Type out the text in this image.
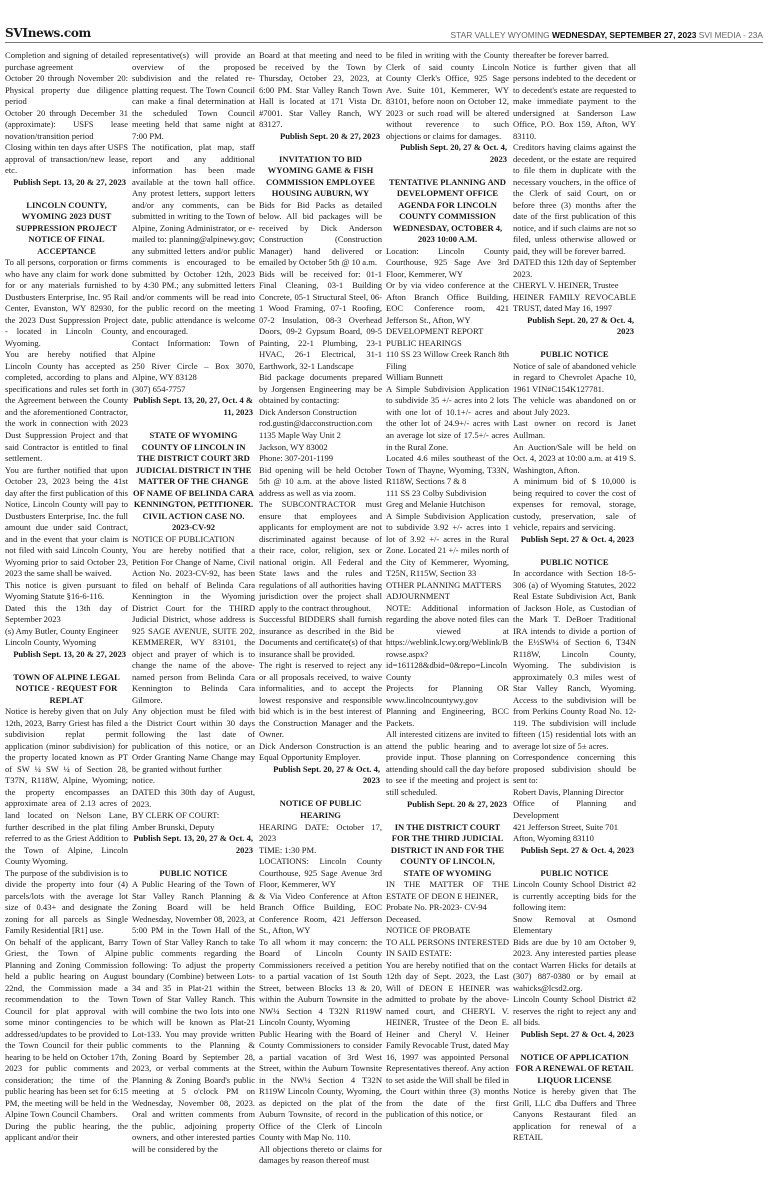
SVInews.com	STAR VALLEY WYOMING WEDNESDAY, SEPTEMBER 27, 2023 SVI MEDIA - 23A

Completion and signing of detailed purchase agreement

October 20 through November 20: Physical property due diligence period

October 20 through December 31 (approximate): USFS lease novation/transition period

Closing within ten days after USFS approval of transaction/new lease, etc.

Publish Sept. 13, 20 & 27, 2023

LINCOLN COUNTY, WYOMING 2023 DUST SUPPRESSION PROJECT NOTICE OF FINAL ACCEPTANCE

To all persons, corporation or firms who have any claim for work done for or any materials furnished to Dustbusters Enterprise, Inc. 95 Rail Center, Evanston, WY 82930, for the 2023 Dust Suppression Project - located in Lincoln County, Wyoming.

You are hereby notified that Lincoln County has accepted as completed, according to plans and specifications and rules set forth in the Agreement between the County and the aforementioned Contractor, the work in connection with 2023 Dust Suppression Project and that said Contractor is entitled to final settlement.

You are further notified that upon October 23, 2023 being the 41st day after the first publication of this Notice, Lincoln County will pay to Dustbusters Enterprise, Inc. the full amount due under said Contract, and in the event that your claim is not filed with said Lincoln County, Wyoming prior to said October 23, 2023 the same shall be waived.

This notice is given pursuant to Wyoming Statute §16-6-116.

Dated this the 13th day of September 2023

(s) Amy Butler, County Engineer

Lincoln County, Wyoming

Publish Sept. 13, 20 & 27, 2023

TOWN OF ALPINE LEGAL NOTICE - REQUEST FOR REPLAT

Notice is hereby given that on July 12th, 2023, Barry Griest has filed a subdivision replat permit application (minor subdivision) for the property located known as PT of SW ¼ SW ¼ of Section 28, T37N, R118W, Alpine, Wyoming; the property encompasses an approximate area of 2.13 acres of land located on Nelson Lane, further described in the plat filing referred to as the Griest Addition to the Town of Alpine, Lincoln County Wyoming.

The purpose of the subdivision is to divide the property into four (4) parcels/lots with the average lot size of 0.43+ and designate the zoning for all parcels as Single Family Residential [R1] use.

On behalf of the applicant, Barry Griest, the Town of Alpine Planning and Zoning Commission held a public hearing on August 22nd, the Commission made a recommendation to the Town Council for plat approval with some minor contingencies to be addressed/updates to be provided to the Town Council for their public hearing to be held on October 17th, 2023 for public comments and consideration; the time of the public hearing has been set for 6:15 PM, the meeting will be held in the Alpine Town Council Chambers.

During the public hearing, the applicant and/or their

representative(s) will provide an overview of the proposed subdivision and the related re-platting request. The Town Council can make a final determination at the scheduled Town Council meeting held that same night at 7:00 PM.

The notification, plat map, staff report and any additional information has been made available at the town hall office. Any protest letters, support letters and/or any comments, can be submitted in writing to the Town of Alpine, Zoning Administrator, or e-mailed to: planning@alpinewy.gov; any submitted letters and/or public comments is encouraged to be submitted by October 12th, 2023 by 4:30 PM.; any submitted letters and/or comments will be read into the public record on the meeting date, public attendance is welcome and encouraged.

Contact Information: Town of Alpine

250 River Circle – Box 3070, Alpine, WY 83128

(307) 654-7757

Publish Sept. 13, 20, 27, Oct. 4 & 11, 2023

STATE OF WYOMING COUNTY OF LINCOLN IN THE DISTRICT COURT 3RD JUDICIAL DISTRICT IN THE MATTER OF THE CHANGE OF NAME OF BELINDA CARA KENNINGTON, PETITIONER. CIVIL ACTION CASE NO. 2023-CV-92

NOTICE OF PUBLICATION

You are hereby notified that a Petition For Change of Name, Civil Action No. 2023-CV-92, has been filed on behalf of Belinda Cara Kennington in the Wyoming District Court for the THIRD Judicial District, whose address is 925 SAGE AVENUE, SUITE 202, KEMMERER, WY 83101, the object and prayer of which is to change the name of the above-named person from Belinda Cara Kennington to Belinda Cara Gilmore.

Any objection must be filed with the District Court within 30 days following the last date of publication of this notice, or an Order Granting Name Change may be granted without further

notice.

DATED this 30th day of August, 2023.

BY CLERK OF COURT:

Amber Brunski, Deputy

Publish Sept. 13, 20, 27 & Oct. 4, 2023

PUBLIC NOTICE

A Public Hearing of the Town of Star Valley Ranch Planning & Zoning Board will be held Wednesday, November 08, 2023, at 5:00 PM in the Town Hall of the Town of Star Valley Ranch to take public comments regarding the following: To adjust the property boundary (Combine) between Lots- 34 and 35 in Plat-21 within the Town of Star Valley Ranch. This will combine the two lots into one which will be known as Plat-21 Lot-133. You may provide written comments to the Planning & Zoning Board by September 28, 2023, or verbal comments at the Planning & Zoning Board's public meeting at 5 o'clock PM on Wednesday, November 08, 2023. Oral and written comments from the public, adjoining property owners, and other interested parties will be considered by the

Board at that meeting and need to be received by the Town by Thursday, October 23, 2023, at 6:00 PM. Star Valley Ranch Town Hall is located at 171 Vista Dr. #7001. Star Valley Ranch, WY 83127.

Publish Sept. 20 & 27, 2023

INVITATION TO BID WYOMING GAME & FISH COMMISSION EMPLOYEE HOUSING AUBURN, WY

Bids for Bid Packs as detailed below. All bid packages will be received by Dick Anderson Construction (Construction Manager) hand delivered or emailed by October 5th @ 10 a.m.

Bids will be received for: 01-1 Final Cleaning, 03-1 Building Concrete, 05-1 Structural Steel, 06-1 Wood Framing, 07-1 Roofing, 07-2 Insulation, 08-3 Overhead Doors, 09-2 Gypsum Board, 09-5 Painting, 22-1 Plumbing, 23-1 HVAC, 26-1 Electrical, 31-1 Earthwork, 32-1 Landscape

Bid package documents prepared by Jorgensen Engineering may be obtained by contacting:

Dick Anderson Construction

rod.gustin@dacconstruction.com

1135 Maple Way Unit 2

Jackson, WY 83002

Phone: 307-201-1199

Bid opening will be held October 5th @ 10 a.m. at the above listed address as well as via zoom.

The SUBCONTRACTOR must ensure that employees and applicants for employment are not discriminated against because of their race, color, religion, sex or national origin. All Federal and State laws and the rules and regulations of all authorities having jurisdiction over the project shall apply to the contract throughout.

Successful BIDDERS shall furnish insurance as described in the Bid Documents and certificate(s) of that insurance shall be provided.

The right is reserved to reject any or all proposals received, to waive informalities, and to accept the lowest responsive and responsible bid which is in the best interest of the Construction Manager and the Owner.

Dick Anderson Construction is an Equal Opportunity Employer.

Publish Sept. 20, 27 & Oct. 4, 2023

NOTICE OF PUBLIC HEARING

HEARING DATE: October 17, 2023

TIME: 1:30 PM.

LOCATIONS: Lincoln County Courthouse, 925 Sage Avenue 3rd Floor, Kemmerer, WY

& Via Video Conference at Afton Branch Office Building, EOC Conference Room, 421 Jefferson St., Afton, WY

To all whom it may concern: the Board of Lincoln County Commissioners received a petition to a partial vacation of 1st South Street, between Blocks 13 & 20, within the Auburn Townsite in the NW¼ Section 4 T32N R119W Lincoln County, Wyoming

Public Hearing with the Board of County Commissioners to consider a partial vacation of 3rd West Street, within the Auburn Townsite in the NW¼ Section 4 T32N R119W Lincoln County, Wyoming, as depicted on the plat of the Auburn Townsite, of record in the Office of the Clerk of Lincoln County with Map No. 110.

All objections thereto or claims for damages by reason thereof must

be filed in writing with the County Clerk of said county Lincoln County Clerk's Office, 925 Sage Ave. Suite 101, Kemmerer, WY 83101, before noon on October 12, 2023 or such road will be altered without reverence to such objections or claims for damages.

Publish Sept. 20, 27 & Oct. 4, 2023

TENTATIVE PLANNING AND DEVELOPMENT OFFICE AGENDA FOR LINCOLN COUNTY COMMISSION WEDNESDAY, OCTOBER 4, 2023 10:00 A.M.

Location: Lincoln County Courthouse, 925 Sage Ave 3rd Floor, Kemmerer, WY

Or by via video conference at the Afton Branch Office Building, EOC Conference room, 421 Jefferson St., Afton, WY

DEVELOPMENT REPORT

PUBLIC HEARINGS

110 SS 23 Willow Creek Ranch 8th Filing

William Bunnett

A Simple Subdivision Application to subdivide 35 +/- acres into 2 lots with one lot of 10.1+/- acres and the other lot of 24.9+/- acres with an average lot size of 17.5+/- acres in the Rural Zone.

Located 4.6 miles southeast of the Town of Thayne, Wyoming, T33N, R118W, Sections 7 & 8

111 SS 23 Colby Subdivision

Greg and Melanie Hutchison

A Simple Subdivision Application to subdivide 3.92 +/- acres into 1 lot of 3.92 +/- acres in the Rural Zone. Located 21 +/- miles north of the City of Kemmerer, Wyoming, T25N, R115W, Section 33

OTHER PLANNING MATTERS

ADJOURNMENT

NOTE: Additional information regarding the above noted files can be viewed at https://weblink.lcwy.org/Weblink/Browse.aspx?id=161128&dbid=0&repo=LincolnCounty

Projects for Planning OR www.lincolncountywy.gov Planning and Engineering, BCC Packets.

All interested citizens are invited to attend the public hearing and to provide input. Those planning on attending should call the day before to see if the meeting and project is still scheduled.

Publish Sept. 20 & 27, 2023

IN THE DISTRICT COURT FOR THE THIRD JUDICIAL DISTRICT IN AND FOR THE COUNTY OF LINCOLN, STATE OF WYOMING

IN THE MATTER OF THE ESTATE OF DEON E HEINER,

Probate No. PR-2023- CV-94

Deceased.

NOTICE OF PROBATE

TO ALL PERSONS INTERESTED IN SAID ESTATE:

You are hereby notified that on the 12th day of Sept. 2023, the Last Will of DEON E HEINER was admitted to probate by the above-named court, and CHERYL V. HEINER, Trustee of the Deon E. Heiner and Cheryl V. Heiner Family Revocable Trust, dated May 16, 1997 was appointed Personal Representatives thereof. Any action to set aside the Will shall be filed in the Court within three (3) months from the date of the first publication of this notice, or

thereafter be forever barred.

Notice is further given that all persons indebted to the decedent or to decedent's estate are requested to make immediate payment to the undersigned at Sanderson Law Office, P.O. Box 159, Afton, WY 83110.

Creditors having claims against the decedent, or the estate are required to file them in duplicate with the necessary vouchers, in the office of the Clerk of said Court, on or before three (3) months after the date of the first publication of this notice, and if such claims are not so filed, unless otherwise allowed or paid, they will be forever barred.

DATED this 12th day of September 2023.

CHERYL V. HEINER, Trustee

HEINER FAMILY REVOCABLE TRUST, dated May 16, 1997

Publish Sept. 20, 27 & Oct. 4, 2023

PUBLIC NOTICE

Notice of sale of abandoned vehicle in regard to Chevrolet Apache 10, 1961 VIN#C154K127781.

The vehicle was abandoned on or about July 2023.

Last owner on record is Janet Aullman.

An Auction/Sale will be held on Oct. 4, 2023 at 10:00 a.m. at 419 S. Washington, Afton.

A minimum bid of $ 10,000 is being required to cover the cost of expenses for removal, storage, custody, preservation, sale of vehicle, repairs and servicing.

Publish Sept. 27 & Oct. 4, 2023

PUBLIC NOTICE

In accordance with Section 18-5-306 (a) of Wyoming Statutes, 2022 Real Estate Subdivision Act, Bank of Jackson Hole, as Custodian of the Mark T. DeBoer Traditional IRA intends to divide a portion of the E½SW¼ of Section 6, T34N R118W, Lincoln County, Wyoming. The subdivision is approximately 0.3 miles west of Star Valley Ranch, Wyoming. Access to the subdivision will be from Perkins County Road No. 12-119. The subdivision will include fifteen (15) residential lots with an average lot size of 5± acres.

Correspondence concerning this proposed subdivision should be sent to:

Robert Davis, Planning Director

Office of Planning and Development

421 Jefferson Street, Suite 701

Afton, Wyoming 83110

Publish Sept. 27 & Oct. 4, 2023

PUBLIC NOTICE

Lincoln County School District #2 is currently accepting bids for the following item:

Snow Removal at Osmond Elementary

Bids are due by 10 am October 9, 2023. Any interested parties please contact Warren Hicks for details at (307) 887-0380 or by email at wahicks@lcsd2.org.

Lincoln County School District #2 reserves the right to reject any and all bids.

Publish Sept. 27 & Oct. 4, 2023

NOTICE OF APPLICATION FOR A RENEWAL OF RETAIL LIQUOR LICENSE

Notice is hereby given that The Grill, LLC dba Duffers and Three Canyons Restaurant filed an application for renewal of a RETAIL
